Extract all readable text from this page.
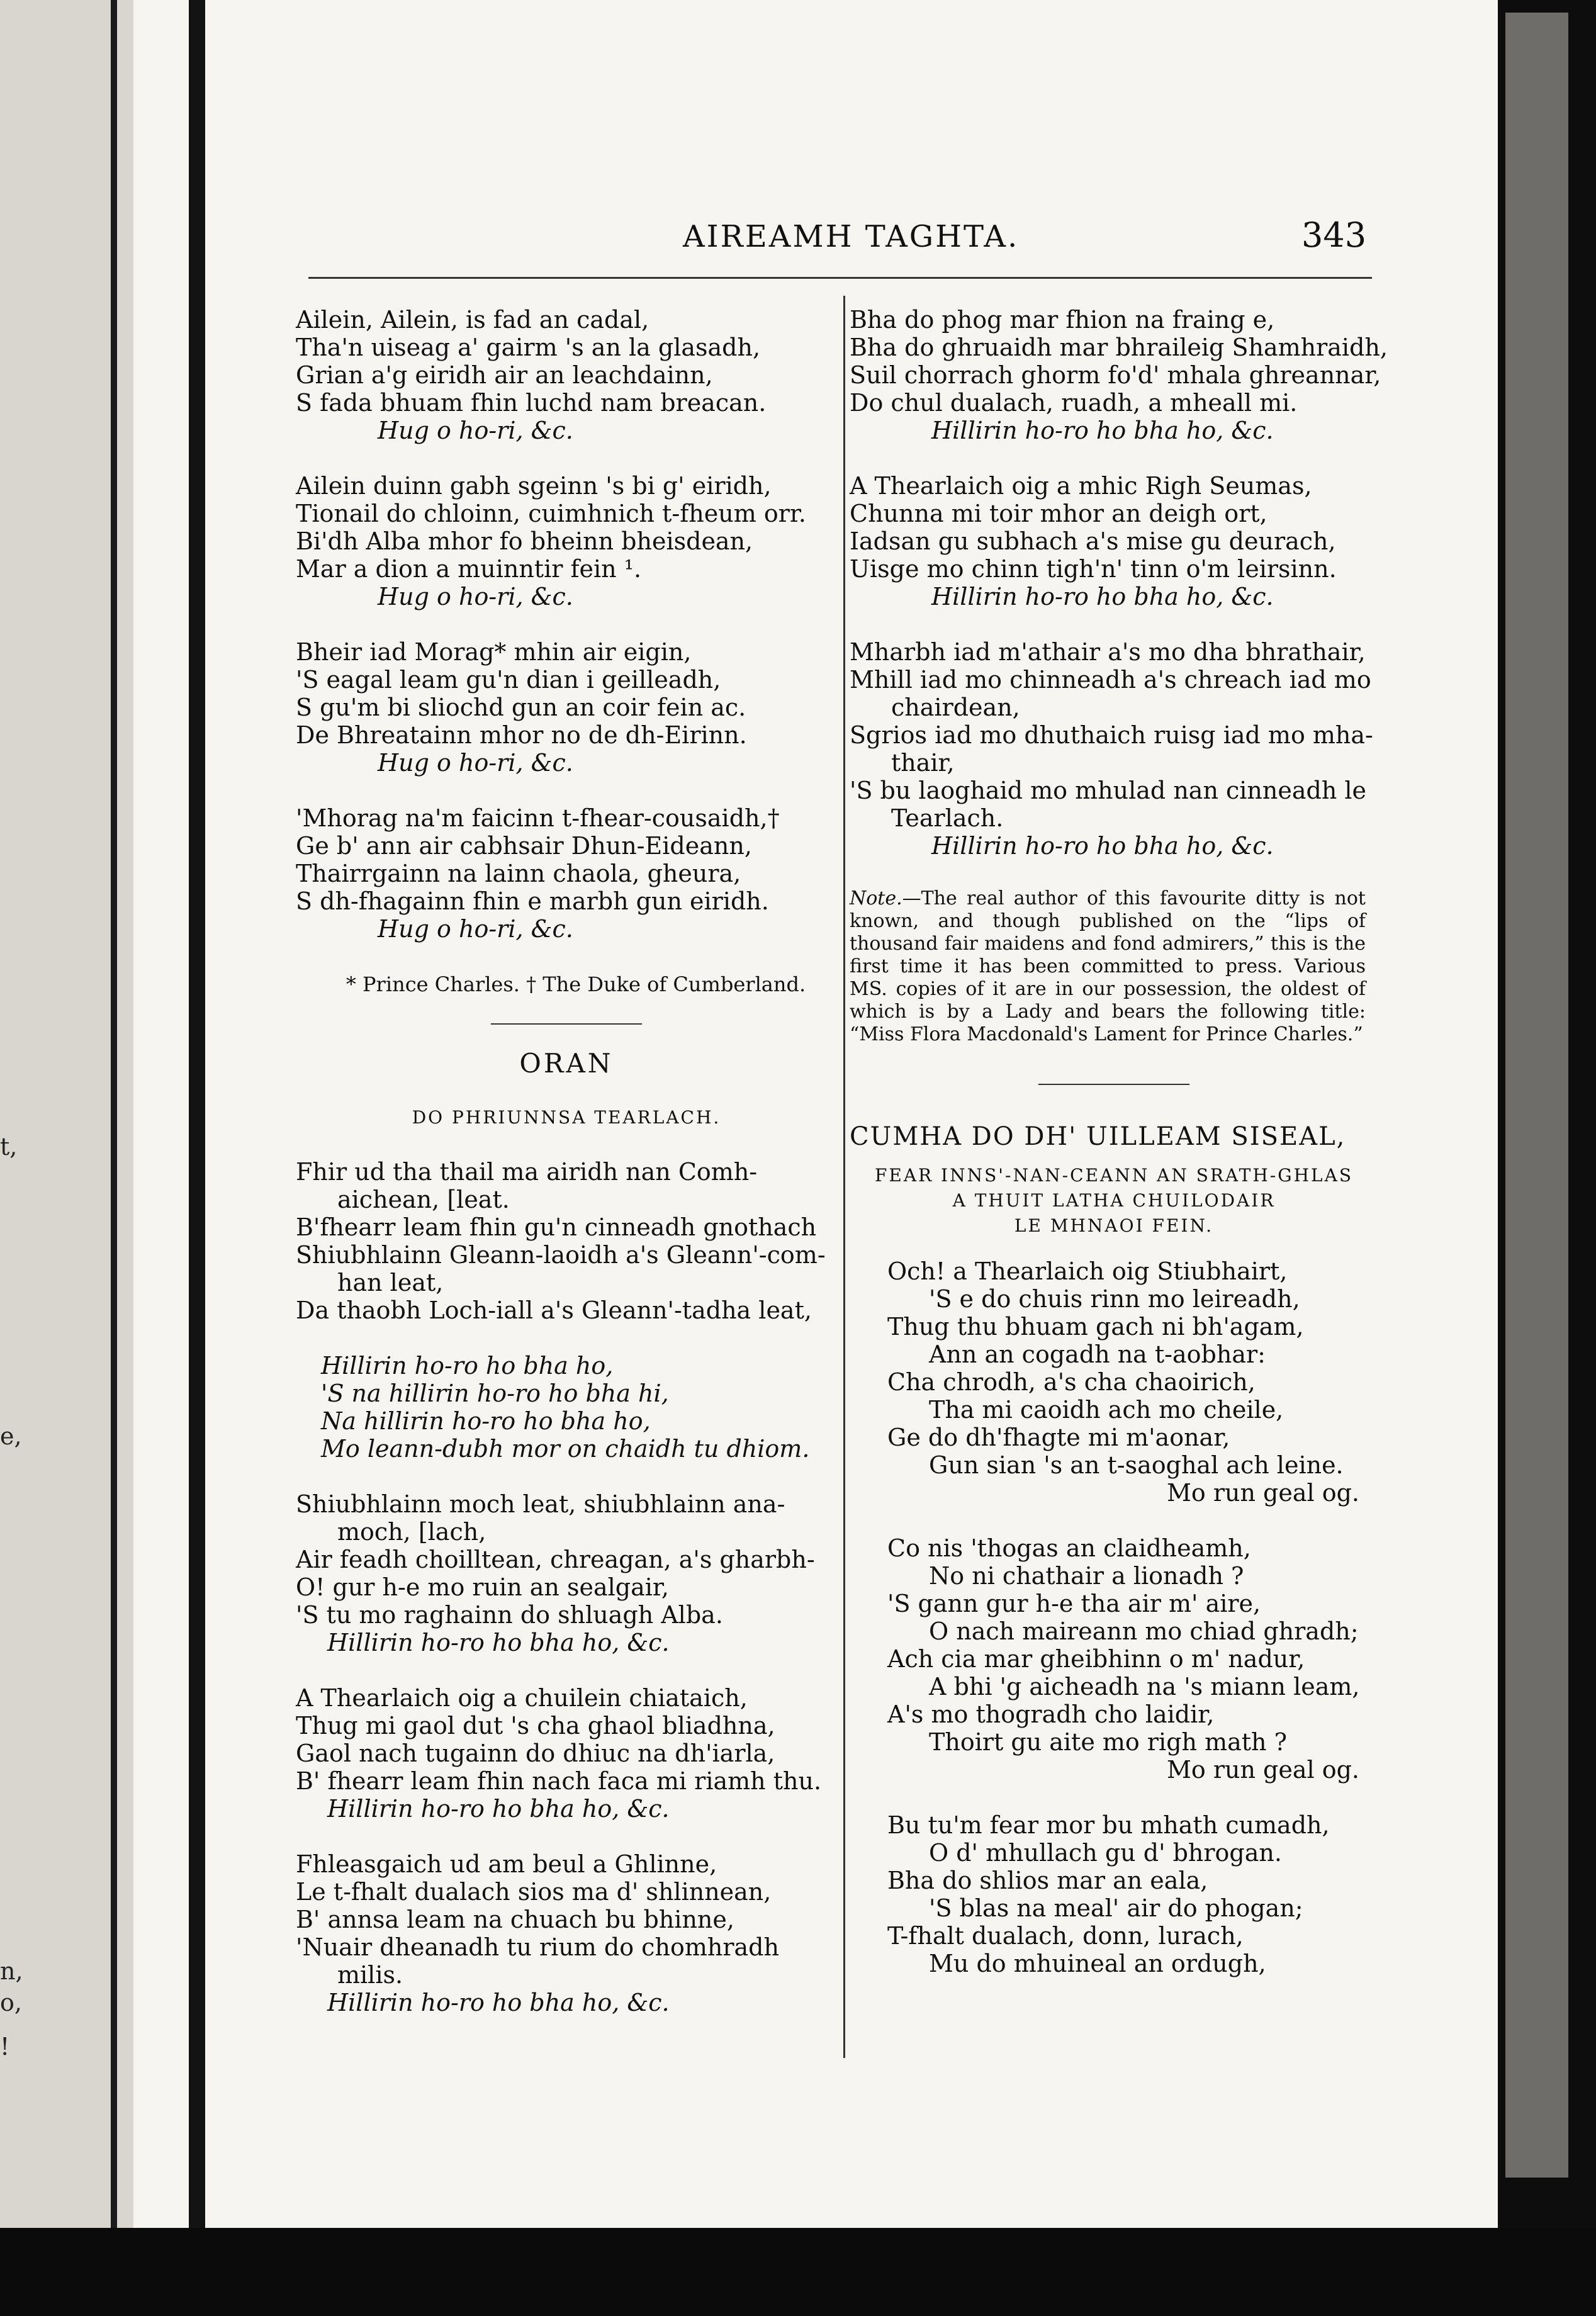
t,
e,
n,
o,
!
AIREAMH TAGHTA.	343
Ailein, Ailein, is fad an cadal,
Tha'n uiseag a' gairm 's an la glasadh,
Grian a'g eiridh air an leachdainn,
S fada bhuam fhin luchd nam breacan.
Hug o ho-ri, &c.
Ailein duinn gabh sgeinn 's bi g' eiridh,
Tionail do chloinn, cuimhnich t-fheum orr.
Bi'dh Alba mhor fo bheinn bheisdean,
Mar a dion a muinntir fein ¹.
Hug o ho-ri, &c.
Bheir iad Morag* mhin air eigin,
'S eagal leam gu'n dian i geilleadh,
S gu'm bi sliochd gun an coir fein ac.
De Bhreatainn mhor no de dh-Eirinn.
Hug o ho-ri, &c.
'Mhorag na'm faicinn t-fhear-cousaidh,†
Ge b' ann air cabhsair Dhun-Eideann,
Thairrgainn na lainn chaola, gheura,
S dh-fhagainn fhin e marbh gun eiridh.
Hug o ho-ri, &c.
* Prince Charles. † The Duke of Cumberland.
ORAN
DO PHRIUNNSA TEARLACH.
Fhir ud tha thail ma airidh nan Comh-
aichean, [leat.
B'fhearr leam fhin gu'n cinneadh gnothach
Shiubhlainn Gleann-laoidh a's Gleann'-com-
han leat,
Da thaobh Loch-iall a's Gleann'-tadha leat,
Hillirin ho-ro ho bha ho,
'S na hillirin ho-ro ho bha hi,
Na hillirin ho-ro ho bha ho,
Mo leann-dubh mor on chaidh tu dhiom.
Shiubhlainn moch leat, shiubhlainn ana-
moch, [lach,
Air feadh choilltean, chreagan, a's gharbh-
O! gur h-e mo ruin an sealgair,
'S tu mo raghainn do shluagh Alba.
Hillirin ho-ro ho bha ho, &c.
A Thearlaich oig a chuilein chiataich,
Thug mi gaol dut 's cha ghaol bliadhna,
Gaol nach tugainn do dhiuc na dh'iarla,
B' fhearr leam fhin nach faca mi riamh thu.
Hillirin ho-ro ho bha ho, &c.
Fhleasgaich ud am beul a Ghlinne,
Le t-fhalt dualach sios ma d' shlinnean,
B' annsa leam na chuach bu bhinne,
'Nuair dheanadh tu rium do chomhradh
milis.
Hillirin ho-ro ho bha ho, &c.
Bha do phog mar fhion na fraing e,
Bha do ghruaidh mar bhraileig Shamhraidh,
Suil chorrach ghorm fo'd' mhala ghreannar,
Do chul dualach, ruadh, a mheall mi.
Hillirin ho-ro ho bha ho, &c.
A Thearlaich oig a mhic Righ Seumas,
Chunna mi toir mhor an deigh ort,
Iadsan gu subhach a's mise gu deurach,
Uisge mo chinn tigh'n' tinn o'm leirsinn.
Hillirin ho-ro ho bha ho, &c.
Mharbh iad m'athair a's mo dha bhrathair,
Mhill iad mo chinneadh a's chreach iad mo
chairdean,
Sgrios iad mo dhuthaich ruisg iad mo mha-
thair,
'S bu laoghaid mo mhulad nan cinneadh le
Tearlach.
Hillirin ho-ro ho bha ho, &c.
Note.—The real author of this favourite ditty is not known, and though published on the “lips of thousand fair maidens and fond admirers,” this is the first time it has been committed to press. Various MS. copies of it are in our possession, the oldest of which is by a Lady and bears the following title: “Miss Flora Macdonald's Lament for Prince Charles.”
CUMHA DO DH' UILLEAM SISEAL,
FEAR INNS'-NAN-CEANN AN SRATH-GHLAS
A THUIT LATHA CHUILODAIR
LE MHNAOI FEIN.
Och! a Thearlaich oig Stiubhairt,
'S e do chuis rinn mo leireadh,
Thug thu bhuam gach ni bh'agam,
Ann an cogadh na t-aobhar:
Cha chrodh, a's cha chaoirich,
Tha mi caoidh ach mo cheile,
Ge do dh'fhagte mi m'aonar,
Gun sian 's an t-saoghal ach leine.
Mo run geal og.
Co nis 'thogas an claidheamh,
No ni chathair a lionadh ?
'S gann gur h-e tha air m' aire,
O nach maireann mo chiad ghradh;
Ach cia mar gheibhinn o m' nadur,
A bhi 'g aicheadh na 's miann leam,
A's mo thogradh cho laidir,
Thoirt gu aite mo righ math ?
Mo run geal og.
Bu tu'm fear mor bu mhath cumadh,
O d' mhullach gu d' bhrogan.
Bha do shlios mar an eala,
'S blas na meal' air do phogan;
T-fhalt dualach, donn, lurach,
Mu do mhuineal an ordugh,
